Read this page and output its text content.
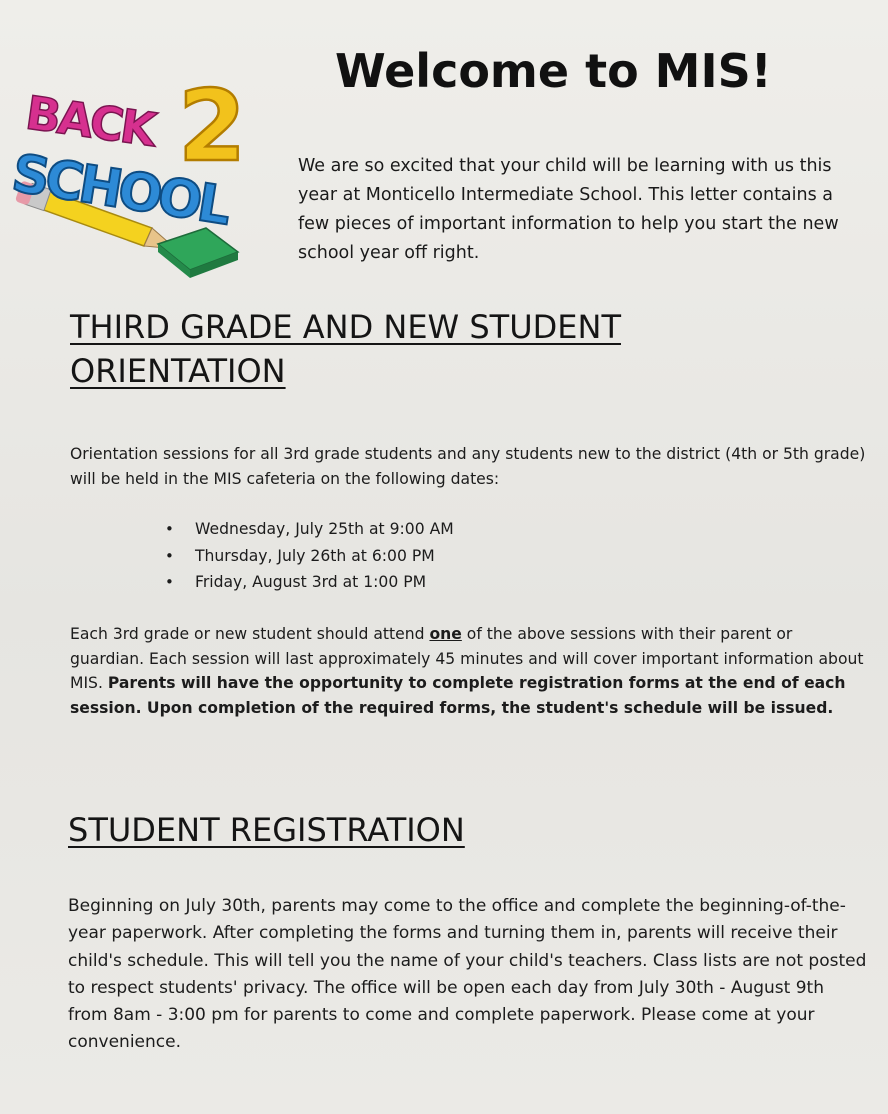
BACK 2
SCHOOL
Welcome to MIS!

We are so excited that your child will be learning with us this year at Monticello Intermediate School. This letter contains a few pieces of important information to help you start the new school year off right.

THIRD GRADE AND NEW STUDENT
ORIENTATION

Orientation sessions for all 3rd grade students and any students new to the district (4th or 5th grade) will be held in the MIS cafeteria on the following dates:

• Wednesday, July 25th at 9:00 AM
• Thursday, July 26th at 6:00 PM
• Friday, August 3rd at 1:00 PM

Each 3rd grade or new student should attend one of the above sessions with their parent or guardian. Each session will last approximately 45 minutes and will cover important information about MIS. Parents will have the opportunity to complete registration forms at the end of each session. Upon completion of the required forms, the student's schedule will be issued.

STUDENT REGISTRATION

Beginning on July 30th, parents may come to the office and complete the beginning-of-the-year paperwork. After completing the forms and turning them in, parents will receive their child's schedule. This will tell you the name of your child's teachers. Class lists are not posted to respect students' privacy. The office will be open each day from July 30th - August 9th from 8am - 3:00 pm for parents to come and complete paperwork. Please come at your convenience.
